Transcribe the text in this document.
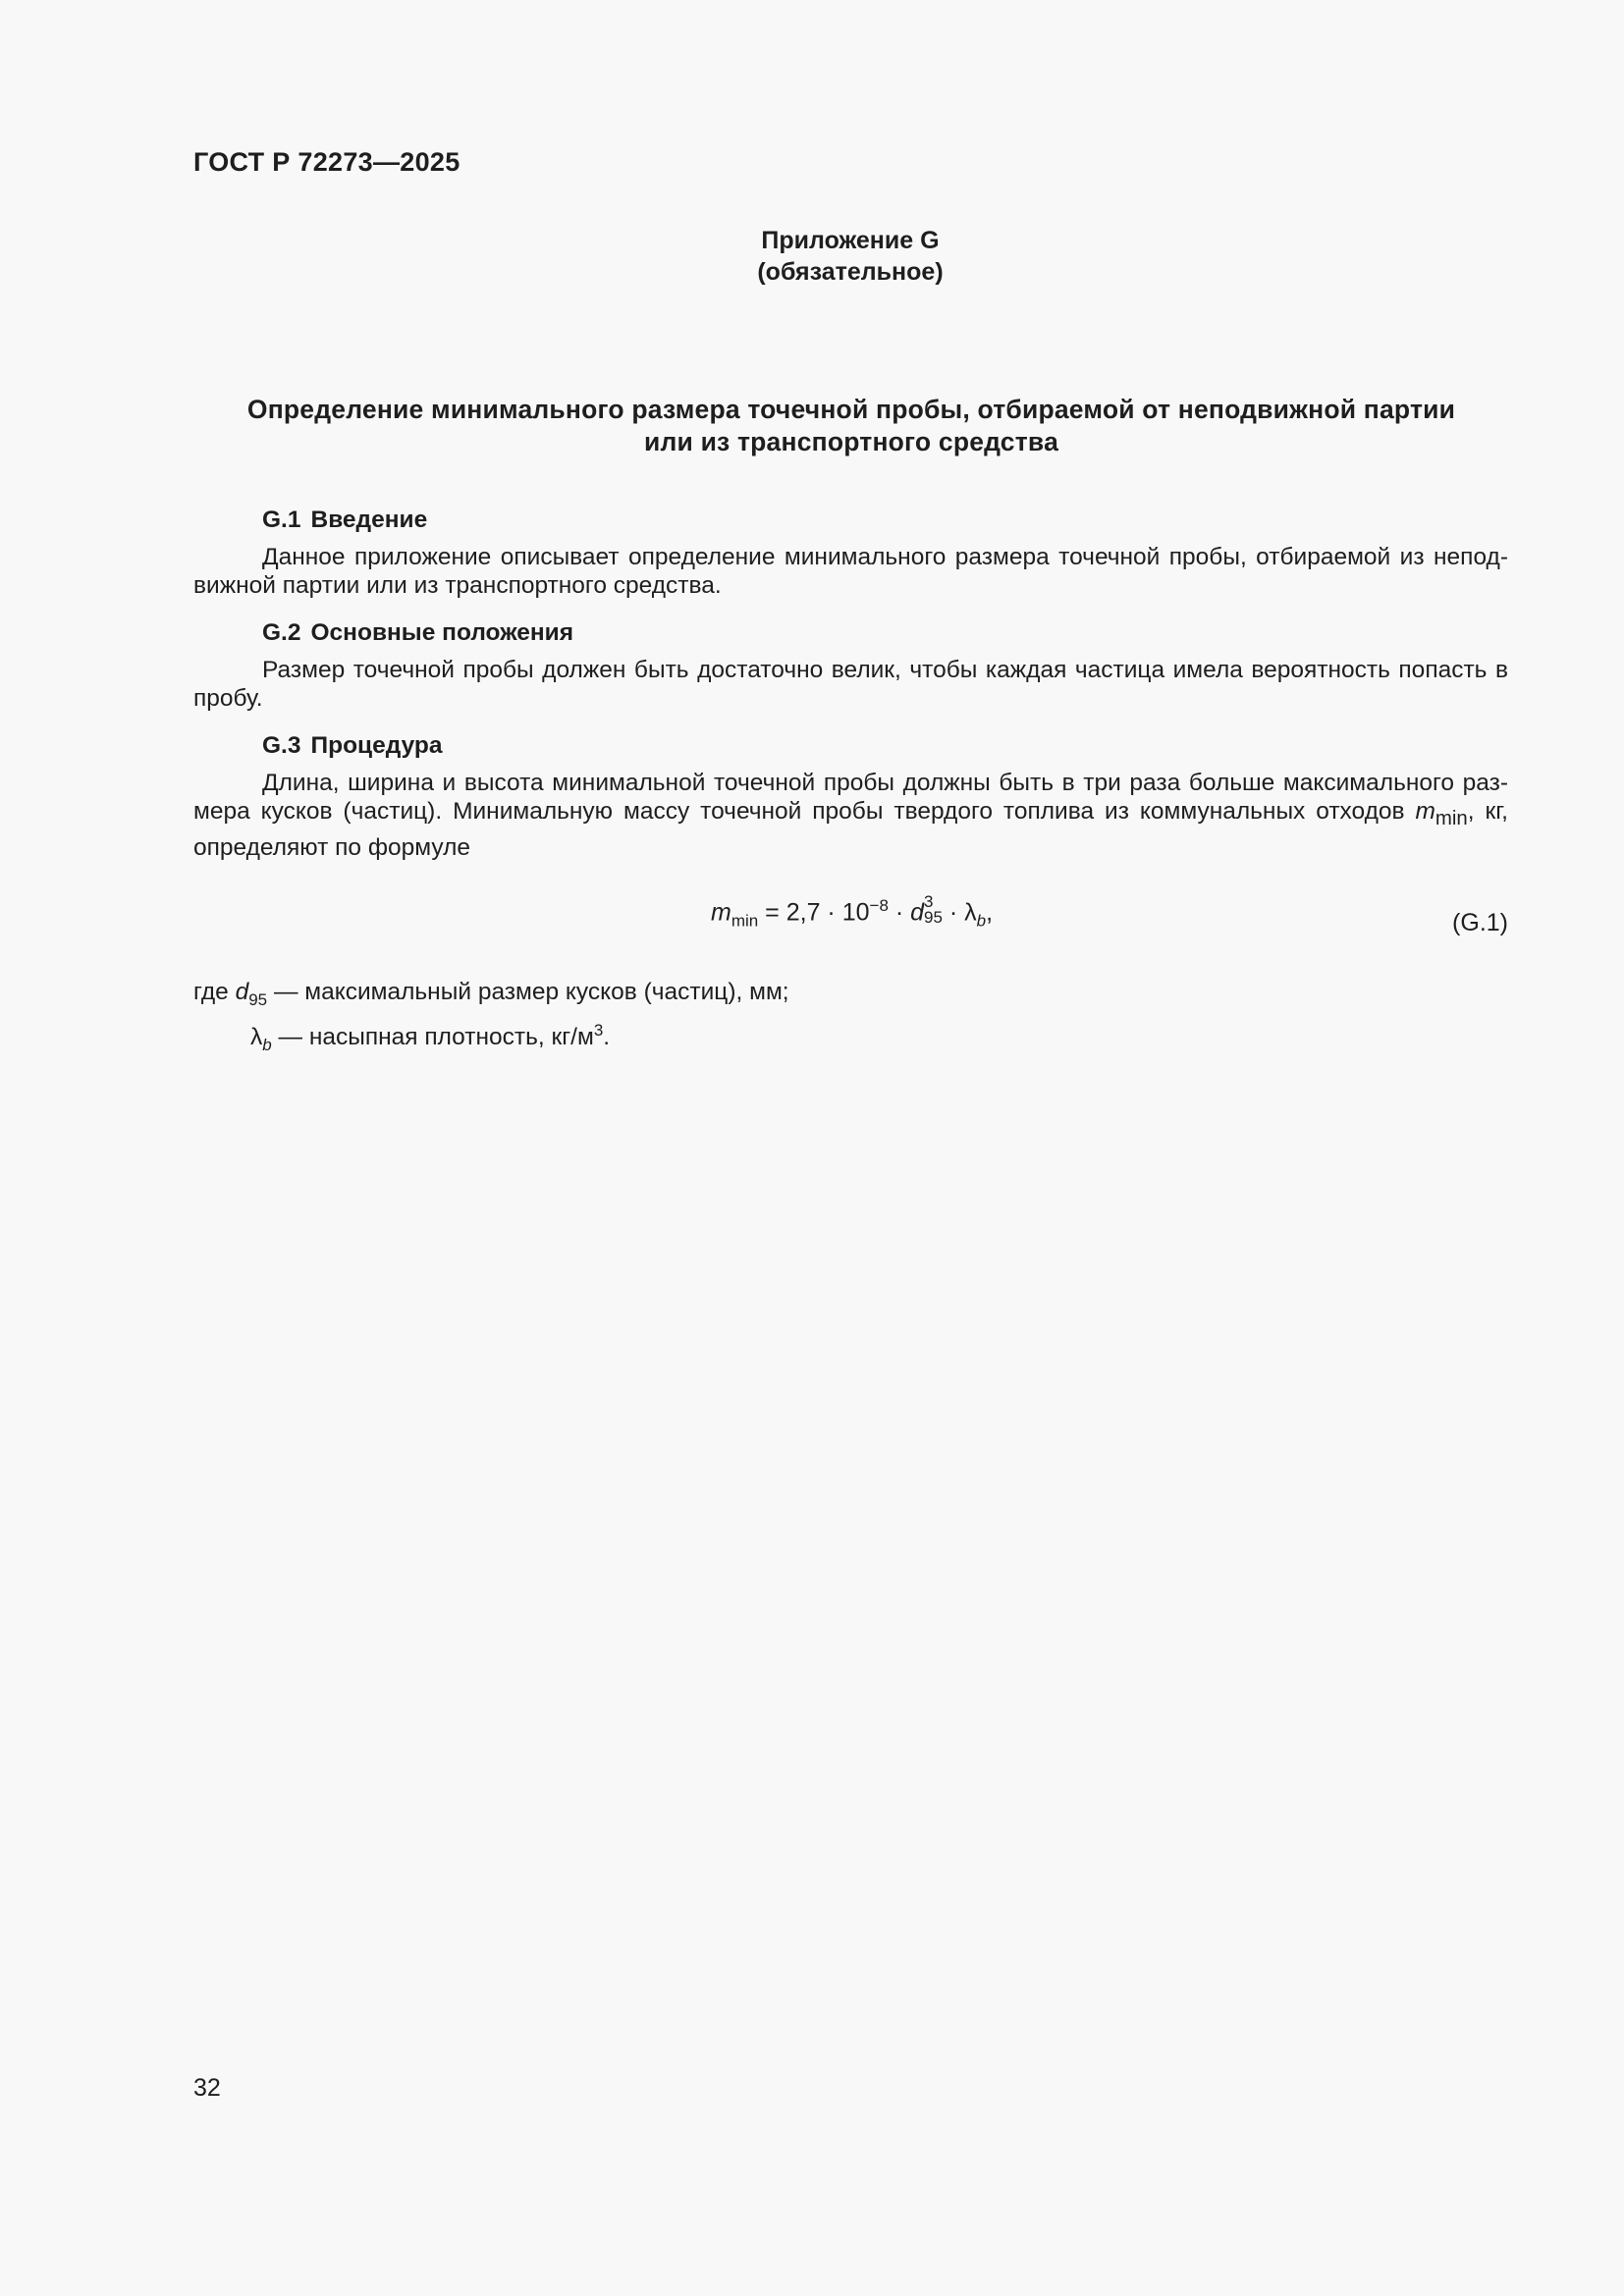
ГОСТ Р 72273—2025
Приложение G
(обязательное)
Определение минимального размера точечной пробы, отбираемой от неподвижной партии
или из транспортного средства
G.1 Введение
Данное приложение описывает определение минимального размера точечной пробы, отбираемой из неподвижной партии или из транспортного средства.
G.2 Основные положения
Размер точечной пробы должен быть достаточно велик, чтобы каждая частица имела вероятность попасть в пробу.
G.3 Процедура
Длина, ширина и высота минимальной точечной пробы должны быть в три раза больше максимального размера кусков (частиц). Минимальную массу точечной пробы твердого топлива из коммунальных отходов $m_{min}$, кг, определяют по формуле
$m_{min} = 2,7 \cdot 10^{-8} \cdot d$ 3
$95 \cdot \lambda_b$,	(G.1)
где $d_{95}$ — максимальный размер кусков (частиц), мм;
$\lambda_b$ — насыпная плотность, $кг/м^3$.
32
